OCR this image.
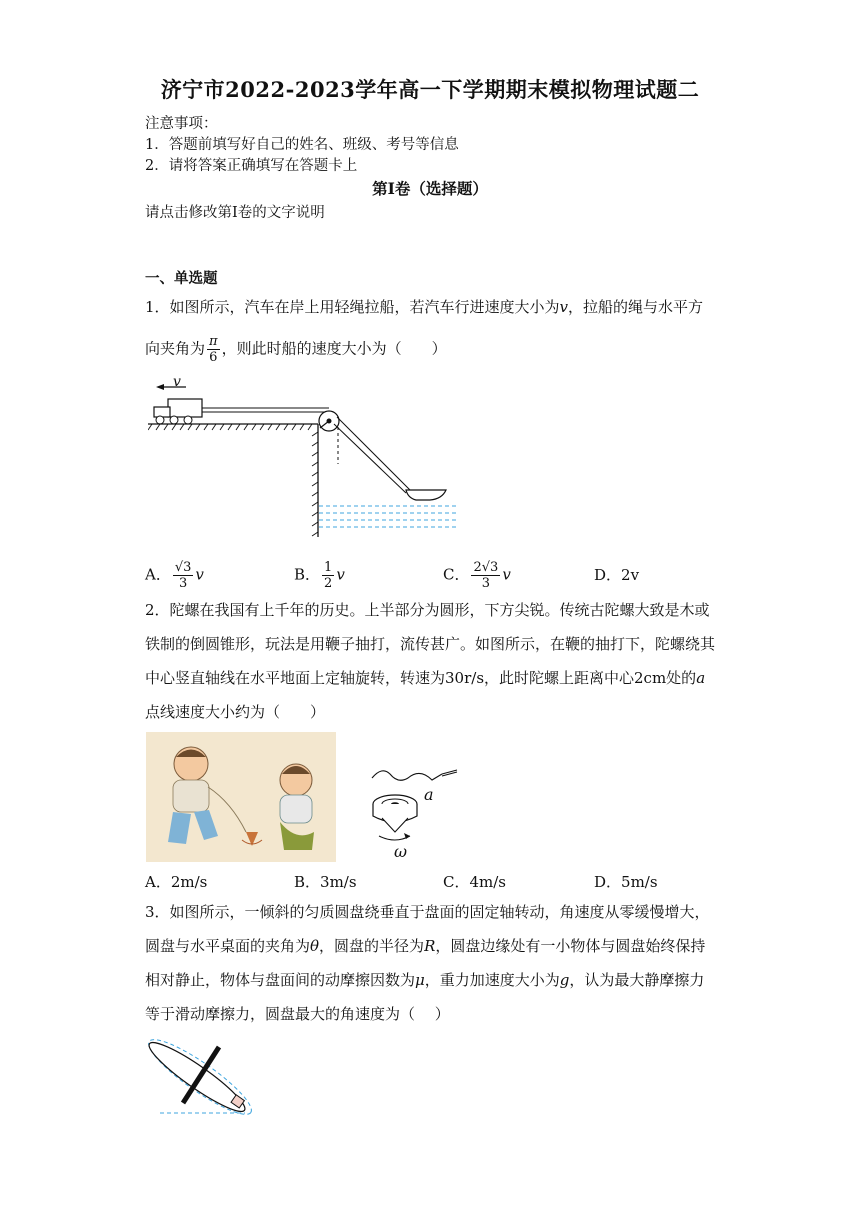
济宁市2022-2023学年高一下学期期末模拟物理试题二
注意事项：
1．答题前填写好自己的姓名、班级、考号等信息
2．请将答案正确填写在答题卡上
第I卷（选择题）
请点击修改第I卷的文字说明
一、单选题
1．如图所示，汽车在岸上用轻绳拉船，若汽车行进速度大小为v，拉船的绳与水平方
向夹角为 $\frac{\pi}{6}$ ，则此时船的速度大小为（　　）
v
A． $\frac{√3}{3}$ v	B． $\frac{1}{2}$ v	C． $\frac{2√3}{3}$ v	D．2v
2．陀螺在我国有上千年的历史。上半部分为圆形，下方尖锐。传统古陀螺大致是木或
铁制的倒圆锥形，玩法是用鞭子抽打，流传甚广。如图所示，在鞭的抽打下，陀螺绕其
中心竖直轴线在水平地面上定轴旋转，转速为30r/s，此时陀螺上距离中心2cm处的a
点线速度大小约为（　　）
a
ω
A．2m/s	B．3m/s	C．4m/s	D．5m/s
3．如图所示，一倾斜的匀质圆盘绕垂直于盘面的固定轴转动，角速度从零缓慢增大，
圆盘与水平桌面的夹角为θ，圆盘的半径为R，圆盘边缘处有一小物体与圆盘始终保持
相对静止，物体与盘面间的动摩擦因数为μ，重力加速度大小为g，认为最大静摩擦力
等于滑动摩擦力，圆盘最大的角速度为（　 ）
